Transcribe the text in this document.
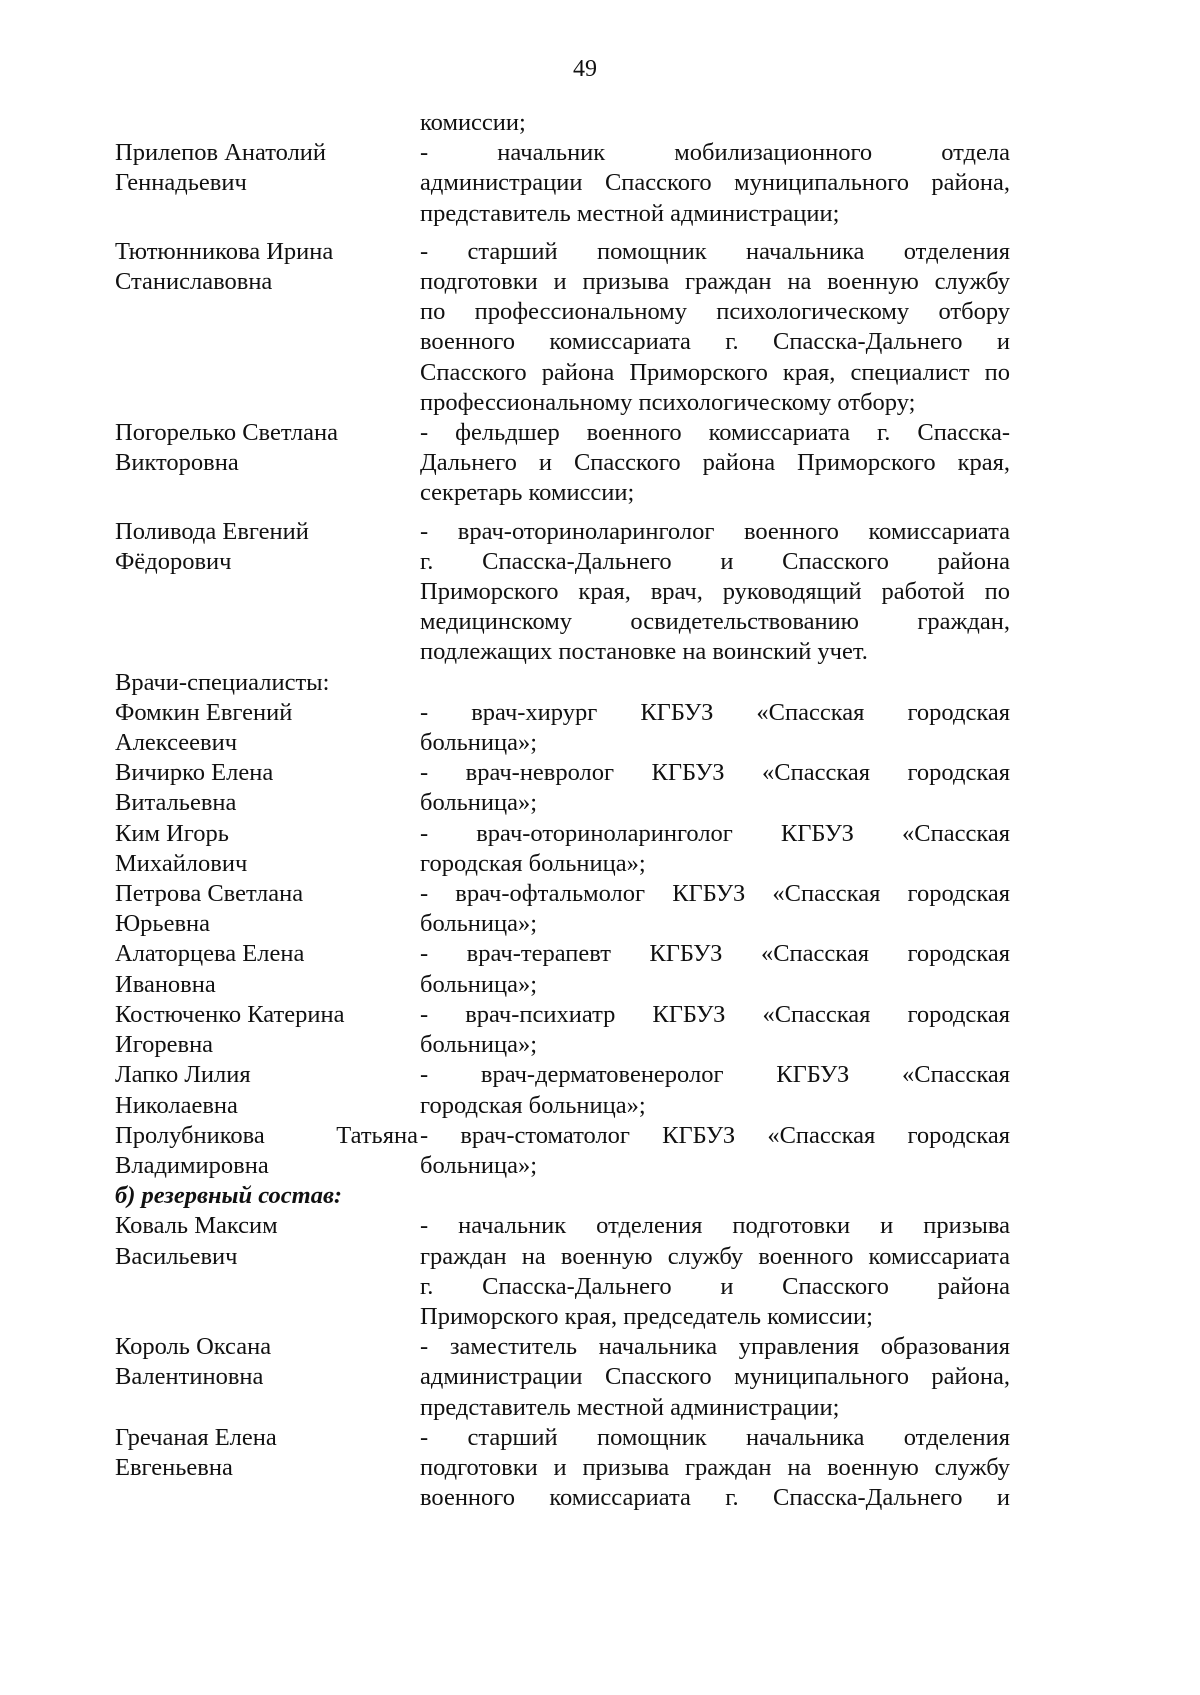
49
комиссии;
Прилепов Анатолий
Геннадьевич
- начальник мобилизационного отдела
администрации Спасского муниципального района,
представитель местной администрации;
Тютюнникова Ирина
Станиславовна
- старший помощник начальника отделения
подготовки и призыва граждан на военную службу
по профессиональному психологическому отбору
военного комиссариата г. Спасска-Дальнего и
Спасского района Приморского края, специалист по
профессиональному психологическому отбору;
Погорелько Светлана
Викторовна
- фельдшер военного комиссариата г. Спасска-
Дальнего и Спасского района Приморского края,
секретарь комиссии;
Поливода Евгений
Фёдорович
- врач-оториноларинголог военного комиссариата
г. Спасска-Дальнего и Спасского района
Приморского края, врач, руководящий работой по
медицинскому освидетельствованию граждан,
подлежащих постановке на воинский учет.
Врачи-специалисты:
Фомкин Евгений
Алексеевич
- врач-хирург КГБУЗ «Спасская городская
больница»;
Вичирко Елена
Витальевна
- врач-невролог КГБУЗ «Спасская городская
больница»;
Ким Игорь
Михайлович
- врач-оториноларинголог КГБУЗ «Спасская
городская больница»;
Петрова Светлана
Юрьевна
- врач-офтальмолог КГБУЗ «Спасская городская
больница»;
Алаторцева Елена
Ивановна
- врач-терапевт КГБУЗ «Спасская городская
больница»;
Костюченко Катерина
Игоревна
- врач-психиатр КГБУЗ «Спасская городская
больница»;
Лапко Лилия
Николаевна
- врач-дерматовенеролог КГБУЗ «Спасская
городская больница»;
Пролубникова Татьяна
Владимировна
- врач-стоматолог КГБУЗ «Спасская городская
больница»;
б) резервный состав:
Коваль Максим
Васильевич
- начальник отделения подготовки и призыва
граждан на военную службу военного комиссариата
г. Спасска-Дальнего и Спасского района
Приморского края, председатель комиссии;
Король Оксана
Валентиновна
- заместитель начальника управления образования
администрации Спасского муниципального района,
представитель местной администрации;
Гречаная Елена
Евгеньевна
- старший помощник начальника отделения
подготовки и призыва граждан на военную службу
военного комиссариата г. Спасска-Дальнего и
